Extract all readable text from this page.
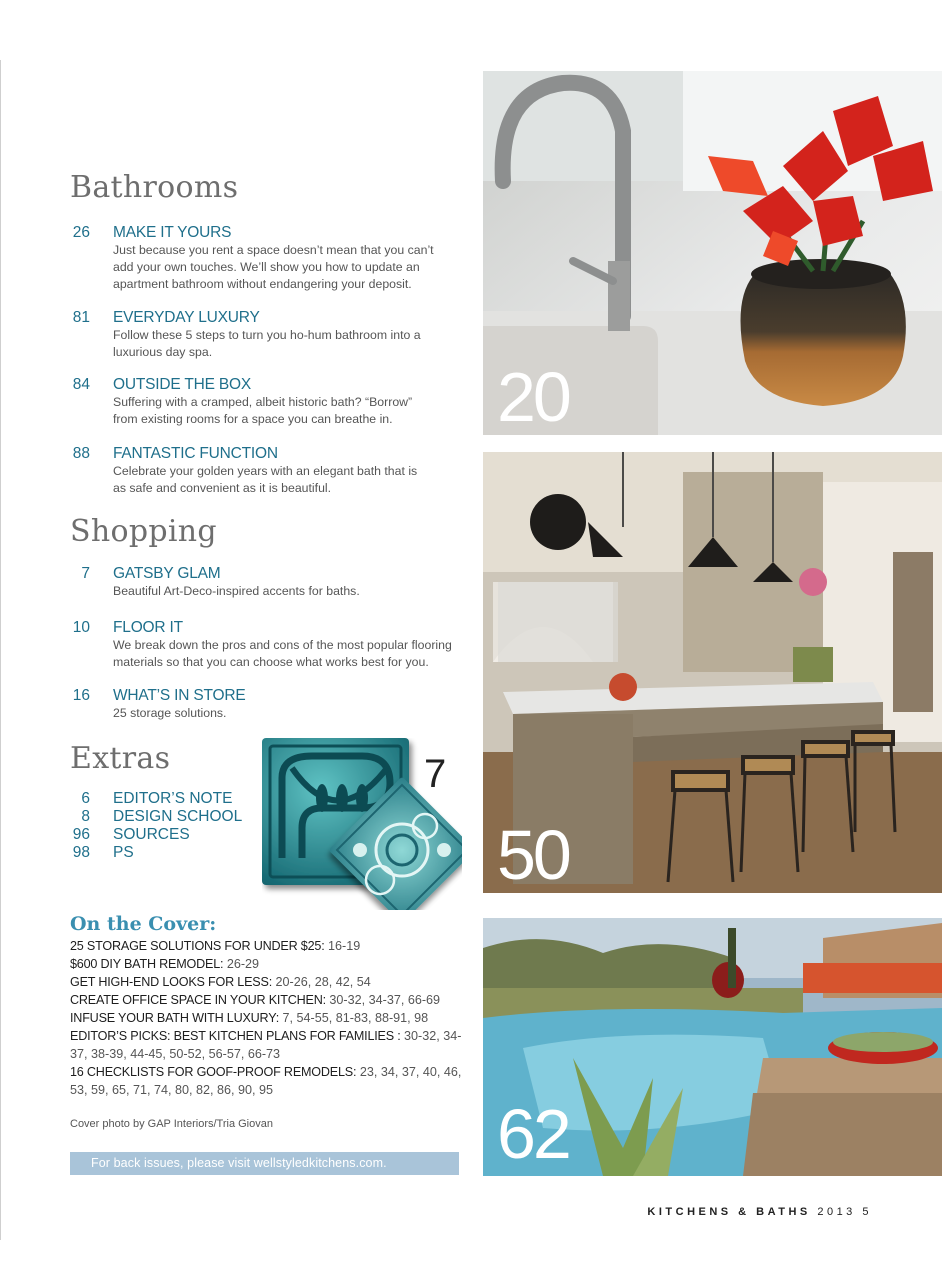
Bathrooms
26 MAKE IT YOURS
Just because you rent a space doesn’t mean that you can’t add your own touches. We’ll show you how to update an apartment bathroom without endangering your deposit.
81 EVERYDAY LUXURY
Follow these 5 steps to turn you ho-hum bathroom into a luxurious day spa.
84 OUTSIDE THE BOX
Suffering with a cramped, albeit historic bath? “Borrow” from existing rooms for a space you can breathe in.
88 FANTASTIC FUNCTION
Celebrate your golden years with an elegant bath that is as safe and convenient as it is beautiful.
Shopping
7 GATSBY GLAM
Beautiful Art-Deco-inspired accents for baths.
10 FLOOR IT
We break down the pros and cons of the most popular flooring materials so that you can choose what works best for you.
16 WHAT’S IN STORE
25 storage solutions.
Extras
6 EDITOR’S NOTE
8 DESIGN SCHOOL
96 SOURCES
98 PS
7
On the Cover:
25 STORAGE SOLUTIONS FOR UNDER $25: 16-19
$600 DIY BATH REMODEL: 26-29
GET HIGH-END LOOKS FOR LESS: 20-26, 28, 42, 54
CREATE OFFICE SPACE IN YOUR KITCHEN: 30-32, 34-37, 66-69
INFUSE YOUR BATH WITH LUXURY: 7, 54-55, 81-83, 88-91, 98
EDITOR’S PICKS: BEST KITCHEN PLANS FOR FAMILIES : 30-32, 34-37, 38-39, 44-45, 50-52, 56-57, 66-73
16 CHECKLISTS FOR GOOF-PROOF REMODELS: 23, 34, 37, 40, 46, 53, 59, 65, 71, 74, 80, 82, 86, 90, 95
Cover photo by GAP Interiors/Tria Giovan
For back issues, please visit wellstyledkitchens.com.
20
50
62
KITCHENS & BATHS 2013 5
